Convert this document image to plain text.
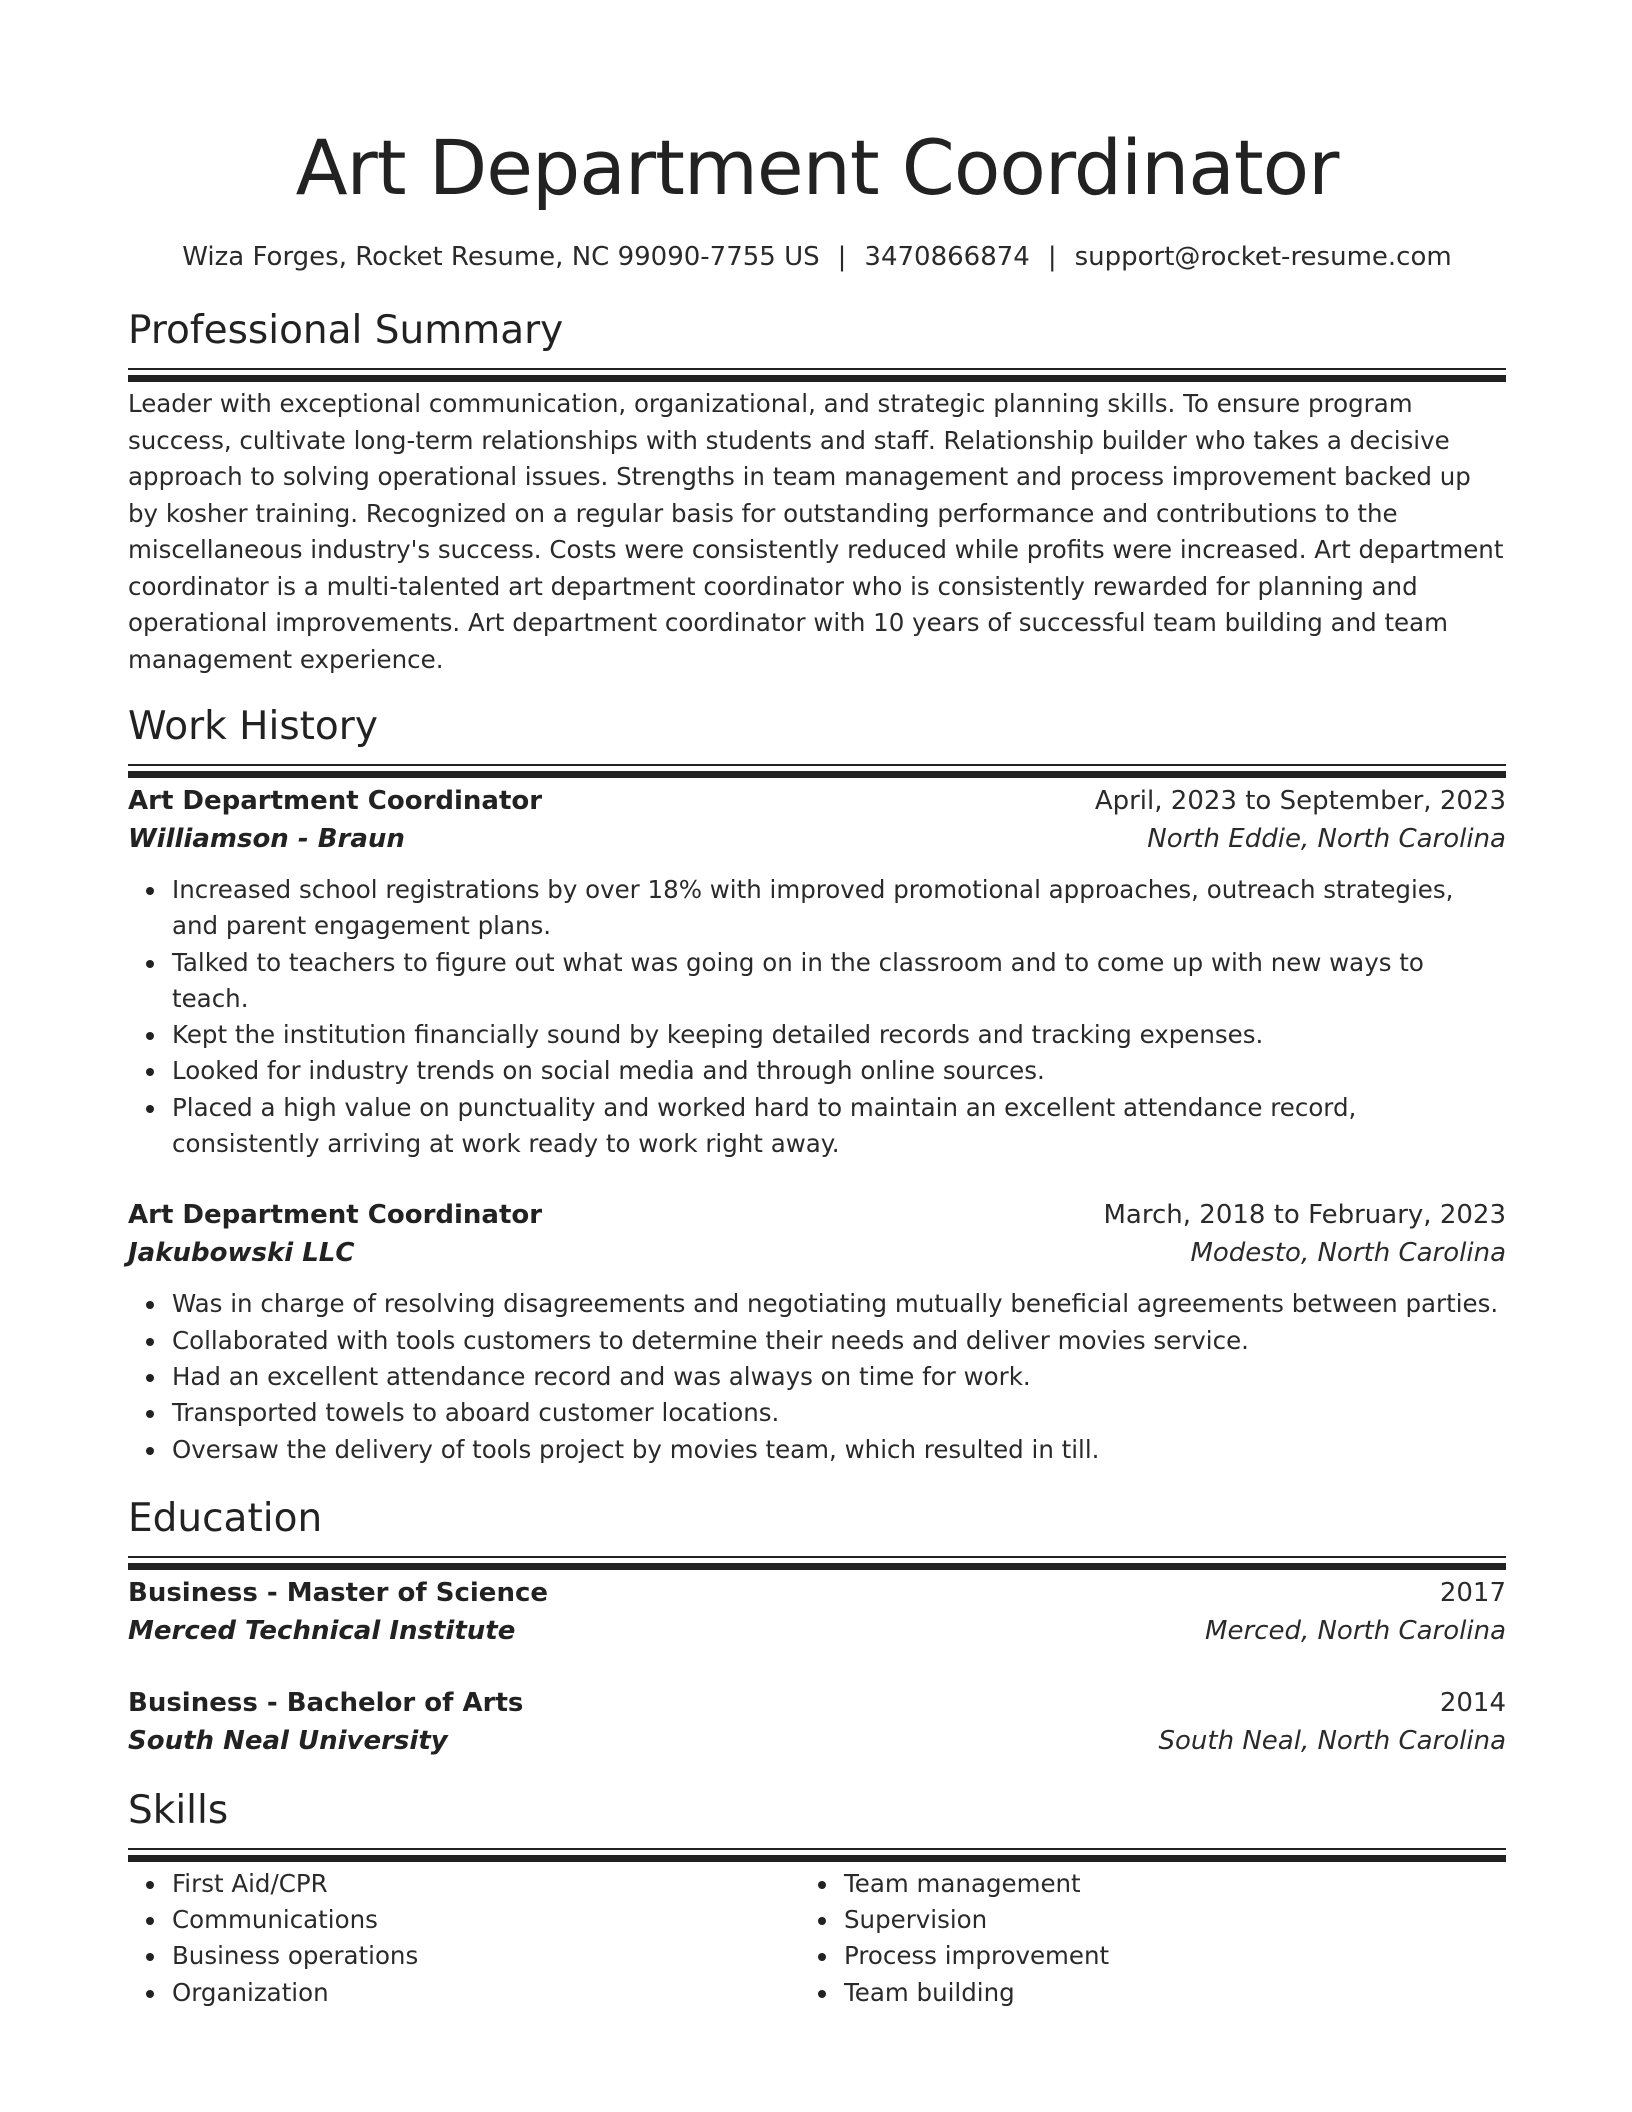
Art Department Coordinator
Wiza Forges, Rocket Resume, NC 99090-7755 US | 3470866874 | support@rocket-resume.com
Professional Summary

Leader with exceptional communication, organizational, and strategic planning skills. To ensure program success, cultivate long-term relationships with students and staff. Relationship builder who takes a decisive approach to solving operational issues. Strengths in team management and process improvement backed up by kosher training. Recognized on a regular basis for outstanding performance and contributions to the miscellaneous industry's success. Costs were consistently reduced while profits were increased. Art department coordinator is a multi-talented art department coordinator who is consistently rewarded for planning and operational improvements. Art department coordinator with 10 years of successful team building and team management experience.

Work History
Art Department Coordinator	April, 2023 to September, 2023
Williamson - Braun	North Eddie, North Carolina
Increased school registrations by over 18% with improved promotional approaches, outreach strategies, and parent engagement plans.
Talked to teachers to figure out what was going on in the classroom and to come up with new ways to teach.
Kept the institution financially sound by keeping detailed records and tracking expenses.
Looked for industry trends on social media and through online sources.
Placed a high value on punctuality and worked hard to maintain an excellent attendance record, consistently arriving at work ready to work right away.
Art Department Coordinator	March, 2018 to February, 2023
Jakubowski LLC	Modesto, North Carolina
Was in charge of resolving disagreements and negotiating mutually beneficial agreements between parties.
Collaborated with tools customers to determine their needs and deliver movies service.
Had an excellent attendance record and was always on time for work.
Transported towels to aboard customer locations.
Oversaw the delivery of tools project by movies team, which resulted in till.
Education
Business - Master of Science	2017
Merced Technical Institute	Merced, North Carolina
Business - Bachelor of Arts	2014
South Neal University	South Neal, North Carolina
Skills
First Aid/CPR
Communications
Business operations
Organization
Team management
Supervision
Process improvement
Team building
